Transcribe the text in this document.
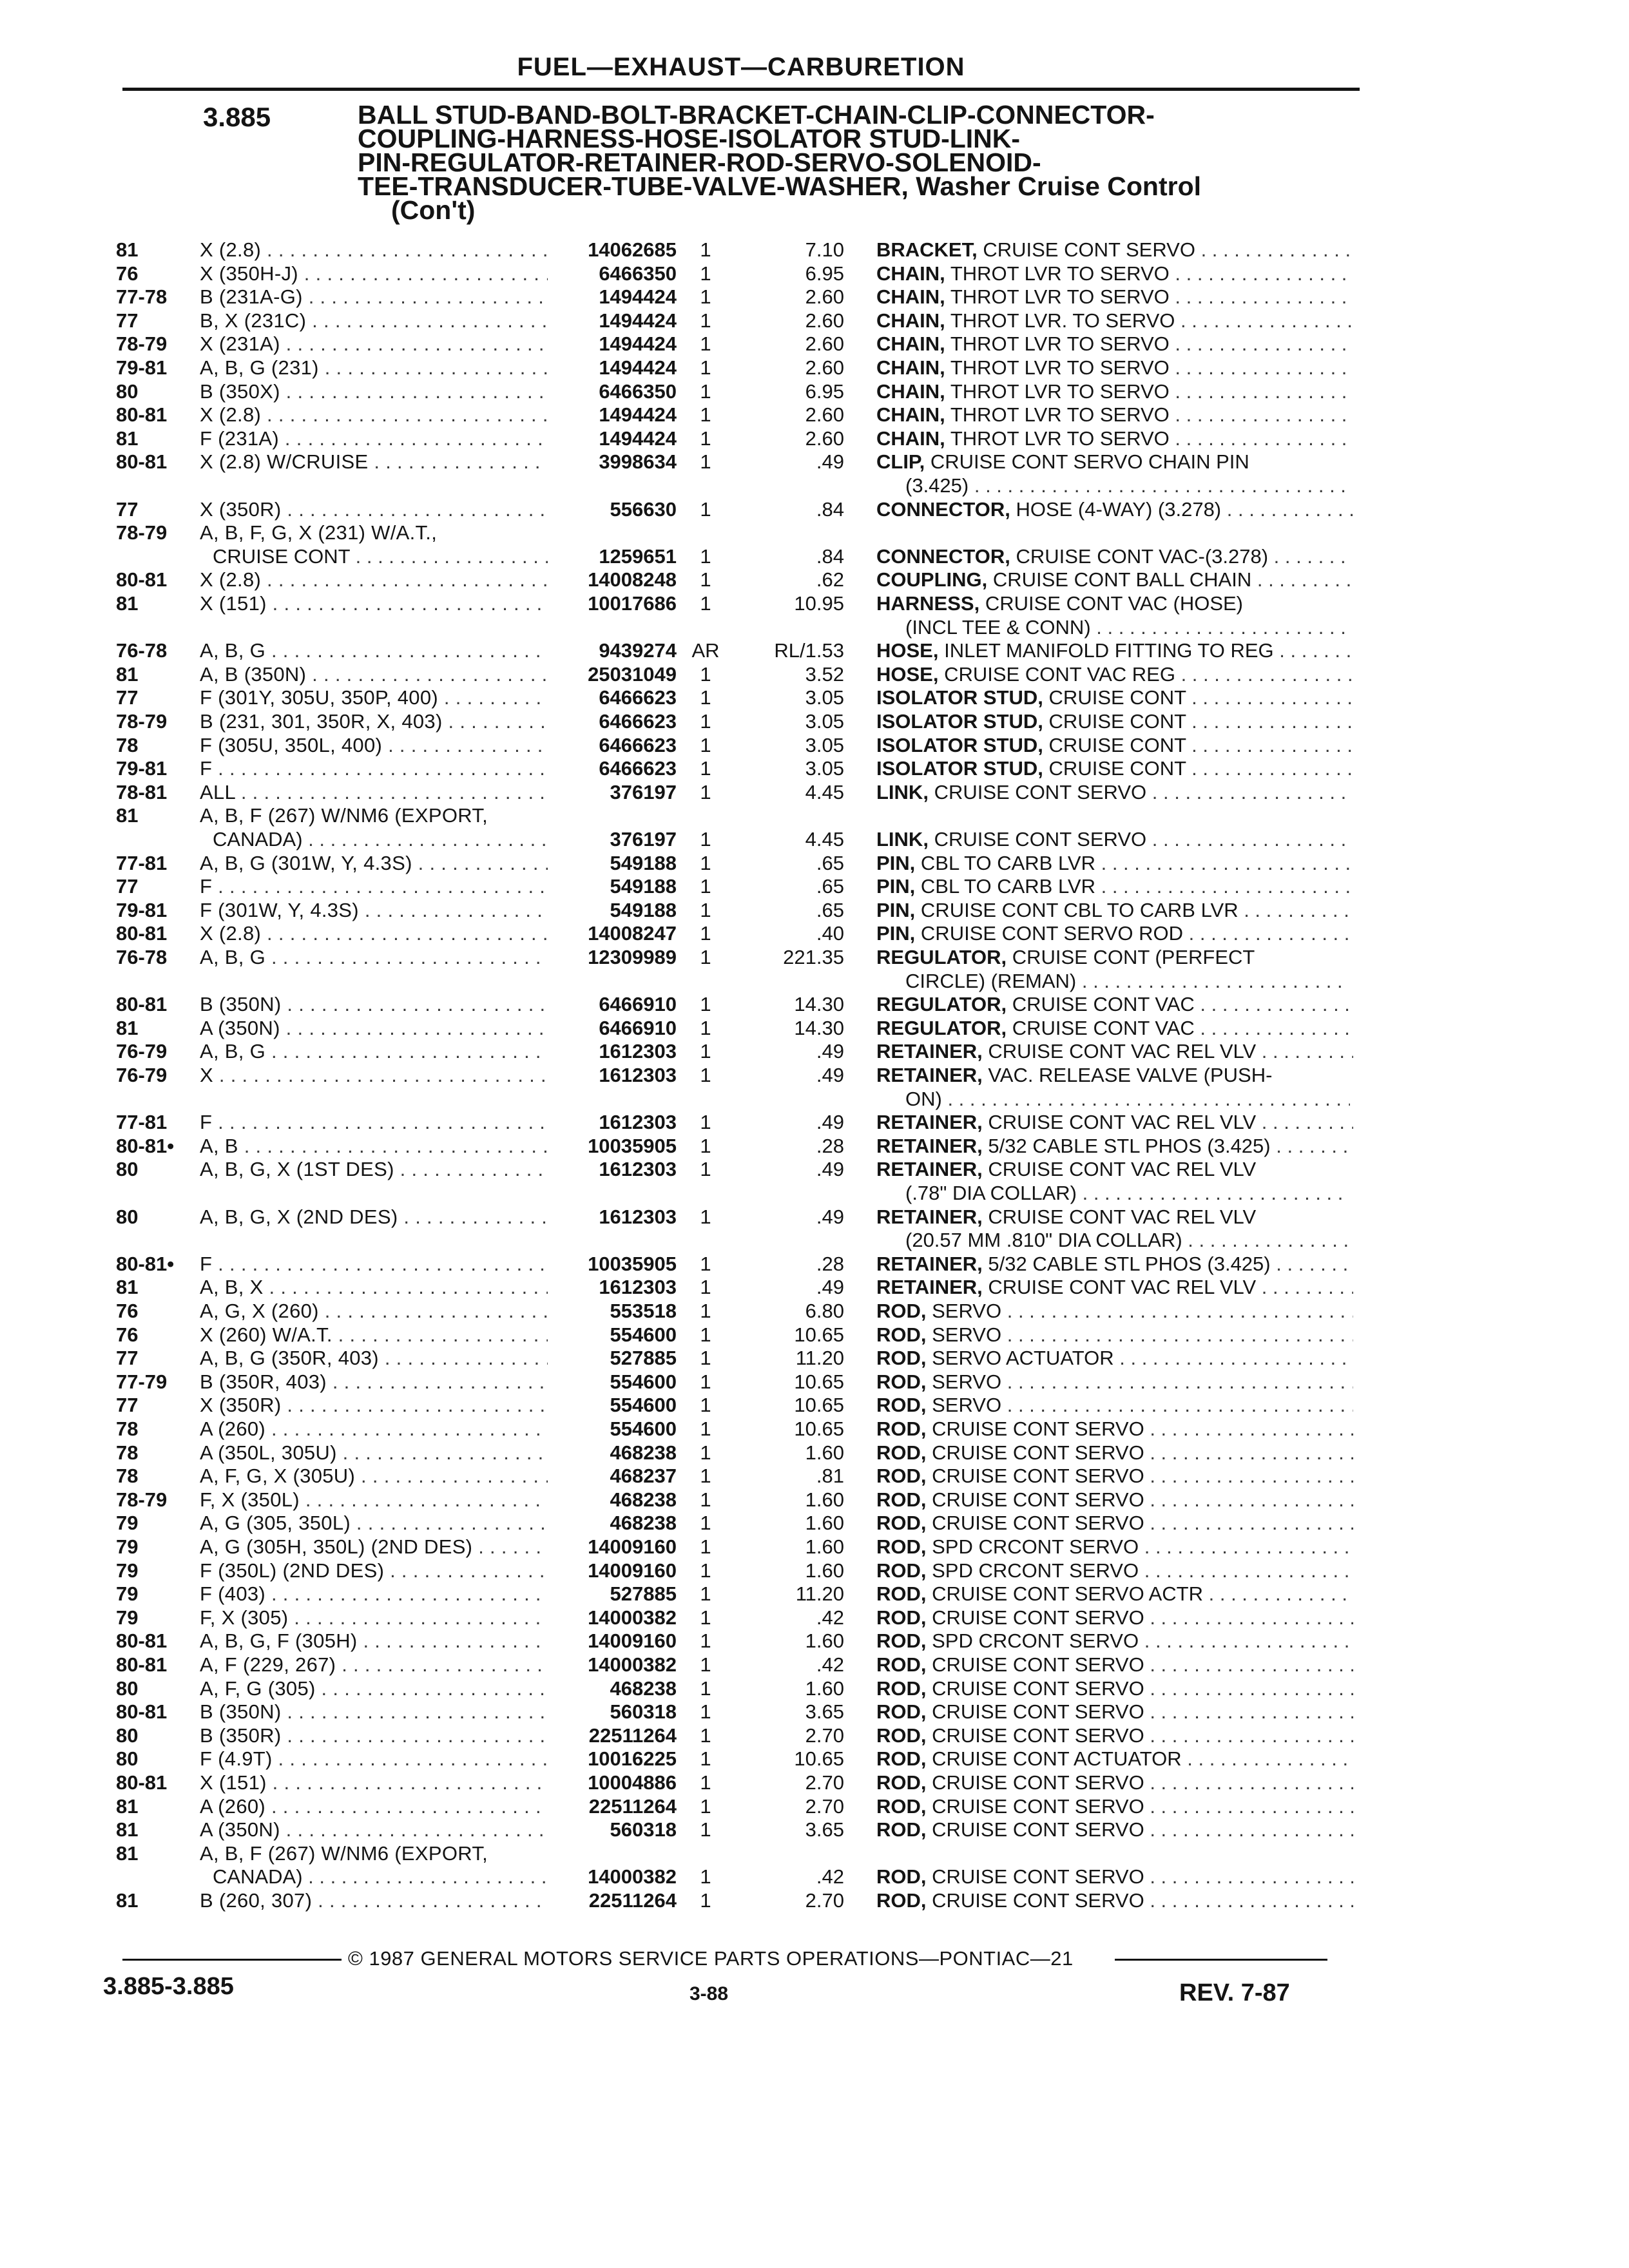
FUEL—EXHAUST—CARBURETION
3.885	BALL STUD-BAND-BOLT-BRACKET-CHAIN-CLIP-CONNECTOR-
COUPLING-HARNESS-HOSE-ISOLATOR STUD-LINK-
PIN-REGULATOR-RETAINER-ROD-SERVO-SOLENOID-
TEE-TRANSDUCER-TUBE-VALVE-WASHER, Washer Cruise Control
(Con't)
81	X (2.8) . . .	14062685	1	7.10 BRACKET, CRUISE CONT SERVO . . .
76	X (350H-J) . . .	6466350	1	6.95 CHAIN, THROT LVR TO SERVO . . .
77-78 B (231A-G) . . .	1494424	1	2.60 CHAIN, THROT LVR TO SERVO . . .
77	B, X (231C) . . .	1494424	1	2.60 CHAIN, THROT LVR. TO SERVO . . .
78-79 X (231A) . . .	1494424	1	2.60 CHAIN, THROT LVR TO SERVO . . .
79-81 A, B, G (231) . . .	1494424	1	2.60 CHAIN, THROT LVR TO SERVO . . .
80	B (350X) . . .	6466350	1	6.95 CHAIN, THROT LVR TO SERVO . . .
80-81 X (2.8) . . .	1494424	1	2.60 CHAIN, THROT LVR TO SERVO . . .
81	F (231A) . . .	1494424	1	2.60 CHAIN, THROT LVR TO SERVO . . .
80-81 X (2.8) W/CRUISE . . .	3998634	1	.49 CLIP, CRUISE CONT SERVO CHAIN PIN
(3.425) . . .
77	X (350R) . . .	556630	1	.84 CONNECTOR, HOSE (4-WAY) (3.278) . . .
78-79 A, B, F, G, X (231) W/A.T.,
CRUISE CONT . . .	1259651	1	.84 CONNECTOR, CRUISE CONT VAC-(3.278) . . .
80-81 X (2.8) . . .	14008248	1	.62 COUPLING, CRUISE CONT BALL CHAIN . . .
81	X (151) . . .	10017686	1	10.95 HARNESS, CRUISE CONT VAC (HOSE)
(INCL TEE & CONN) . . .
76-78 A, B, G . . .	9439274 AR	RL/1.53 HOSE, INLET MANIFOLD FITTING TO REG . . .
81	A, B (350N) . . .	25031049	1	3.52 HOSE, CRUISE CONT VAC REG . . .
77	F (301Y, 305U, 350P, 400) . . .	6466623	1	3.05 ISOLATOR STUD, CRUISE CONT . . .
78-79 B (231, 301, 350R, X, 403) . . .	6466623	1	3.05 ISOLATOR STUD, CRUISE CONT . . .
78	F (305U, 350L, 400) . . .	6466623	1	3.05 ISOLATOR STUD, CRUISE CONT . . .
79-81 F . . .	6466623	1	3.05 ISOLATOR STUD, CRUISE CONT . . .
78-81 ALL . . .	376197	1	4.45 LINK, CRUISE CONT SERVO . . .
81	A, B, F (267) W/NM6 (EXPORT,
CANADA) . . .	376197	1	4.45 LINK, CRUISE CONT SERVO . . .
77-81 A, B, G (301W, Y, 4.3S) . . .	549188	1	.65 PIN, CBL TO CARB LVR . . .
77	F . . .	549188	1	.65 PIN, CBL TO CARB LVR . . .
79-81 F (301W, Y, 4.3S) . . .	549188	1	.65 PIN, CRUISE CONT CBL TO CARB LVR . . .
80-81 X (2.8) . . .	14008247	1	.40 PIN, CRUISE CONT SERVO ROD . . .
76-78 A, B, G . . .	12309989	1	221.35 REGULATOR, CRUISE CONT (PERFECT
CIRCLE) (REMAN) . . .
80-81 B (350N) . . .	6466910	1	14.30 REGULATOR, CRUISE CONT VAC . . .
81	A (350N) . . .	6466910	1	14.30 REGULATOR, CRUISE CONT VAC . . .
76-79 A, B, G . . .	1612303	1	.49 RETAINER, CRUISE CONT VAC REL VLV . . .
76-79 X . . .	1612303	1	.49 RETAINER, VAC. RELEASE VALVE (PUSH-
ON) . . .
77-81 F . . .	1612303	1	.49 RETAINER, CRUISE CONT VAC REL VLV . . .
80-81• A, B . . .	10035905	1	.28 RETAINER, 5/32 CABLE STL PHOS (3.425) . . .
80	A, B, G, X (1ST DES) . . .	1612303	1	.49 RETAINER, CRUISE CONT VAC REL VLV
(.78" DIA COLLAR) . . .
80	A, B, G, X (2ND DES) . . .	1612303	1	.49 RETAINER, CRUISE CONT VAC REL VLV
(20.57 MM .810" DIA COLLAR) . . .
80-81• F . . .	10035905	1	.28 RETAINER, 5/32 CABLE STL PHOS (3.425) . . .
81	A, B, X . . .	1612303	1	.49 RETAINER, CRUISE CONT VAC REL VLV . . .
76	A, G, X (260) . . .	553518	1	6.80 ROD, SERVO . . .
76	X (260) W/A.T. . . .	554600	1	10.65 ROD, SERVO . . .
77	A, B, G (350R, 403) . . .	527885	1	11.20 ROD, SERVO ACTUATOR . . .
77-79 B (350R, 403) . . .	554600	1	10.65 ROD, SERVO . . .
77	X (350R) . . .	554600	1	10.65 ROD, SERVO . . .
78	A (260) . . .	554600	1	10.65 ROD, CRUISE CONT SERVO . . .
78	A (350L, 305U) . . .	468238	1	1.60 ROD, CRUISE CONT SERVO . . .
78	A, F, G, X (305U) . . .	468237	1	.81 ROD, CRUISE CONT SERVO . . .
78-79 F, X (350L) . . .	468238	1	1.60 ROD, CRUISE CONT SERVO . . .
79	A, G (305, 350L) . . .	468238	1	1.60 ROD, CRUISE CONT SERVO . . .
79	A, G (305H, 350L) (2ND DES) . . .	14009160	1	1.60 ROD, SPD CRCONT SERVO . . .
79	F (350L) (2ND DES) . . .	14009160	1	1.60 ROD, SPD CRCONT SERVO . . .
79	F (403) . . .	527885	1	11.20 ROD, CRUISE CONT SERVO ACTR . . .
79	F, X (305) . . .	14000382	1	.42 ROD, CRUISE CONT SERVO . . .
80-81 A, B, G, F (305H) . . .	14009160	1	1.60 ROD, SPD CRCONT SERVO . . .
80-81 A, F (229, 267) . . .	14000382	1	.42 ROD, CRUISE CONT SERVO . . .
80	A, F, G (305) . . .	468238	1	1.60 ROD, CRUISE CONT SERVO . . .
80-81 B (350N) . . .	560318	1	3.65 ROD, CRUISE CONT SERVO . . .
80	B (350R) . . .	22511264	1	2.70 ROD, CRUISE CONT SERVO . . .
80	F (4.9T) . . .	10016225	1	10.65 ROD, CRUISE CONT ACTUATOR . . .
80-81 X (151) . . .	10004886	1	2.70 ROD, CRUISE CONT SERVO . . .
81	A (260) . . .	22511264	1	2.70 ROD, CRUISE CONT SERVO . . .
81	A (350N) . . .	560318	1	3.65 ROD, CRUISE CONT SERVO . . .
81	A, B, F (267) W/NM6 (EXPORT,
CANADA) . . .	14000382	1	.42 ROD, CRUISE CONT SERVO . . .
81	B (260, 307) . . .	22511264	1	2.70 ROD, CRUISE CONT SERVO . . .
© 1987 GENERAL MOTORS SERVICE PARTS OPERATIONS—PONTIAC—21
3.885-3.885	3-88	REV. 7-87
